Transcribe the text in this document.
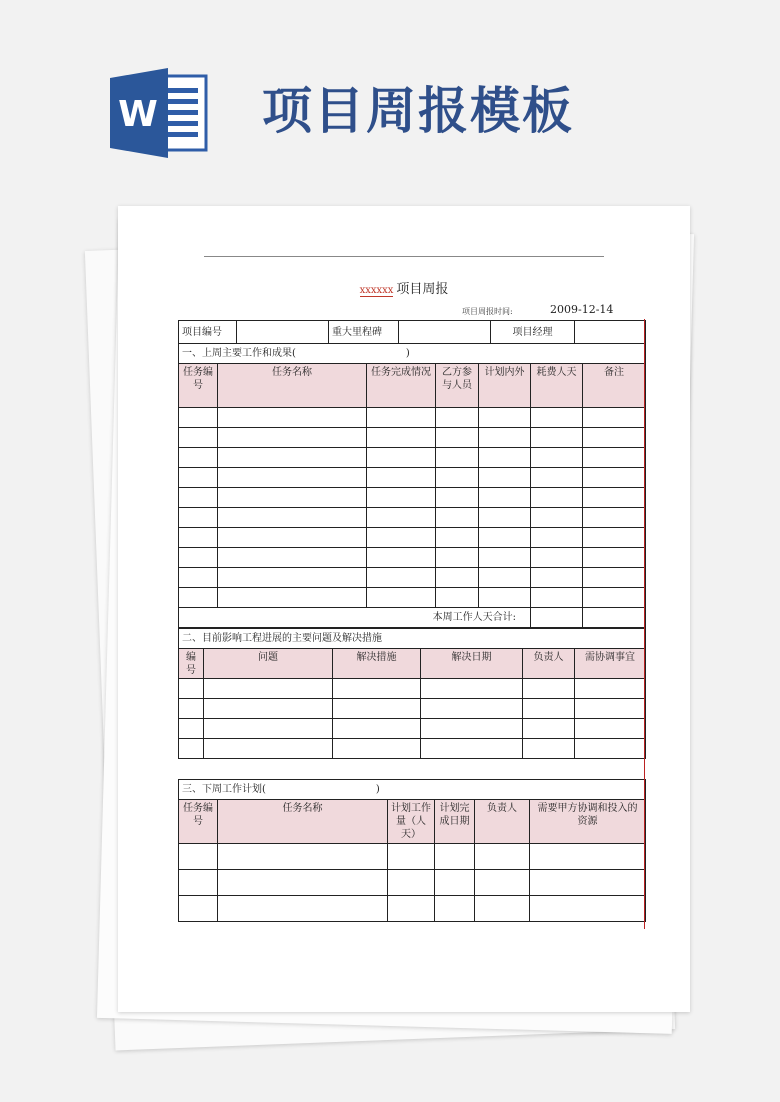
W 项目周报模板
xxxxxx 项目周报
项目周报时间:	2009-12-14
项目编号		重大里程碑		项目经理	
一、上周主要工作和成果( )						
任务编号	任务名称	任务完成情况	乙方参与人员	计划内外	耗费人天	备注

本周工作人天合计:						
二、目前影响工程进展的主要问题及解决措施					
编号	问题	解决措施	解决日期	负责人	需协调事宜

三、下周工作计划( )					
任务编号	任务名称	计划工作量（人天）	计划完成日期	负责人	需要甲方协调和投入的资源
